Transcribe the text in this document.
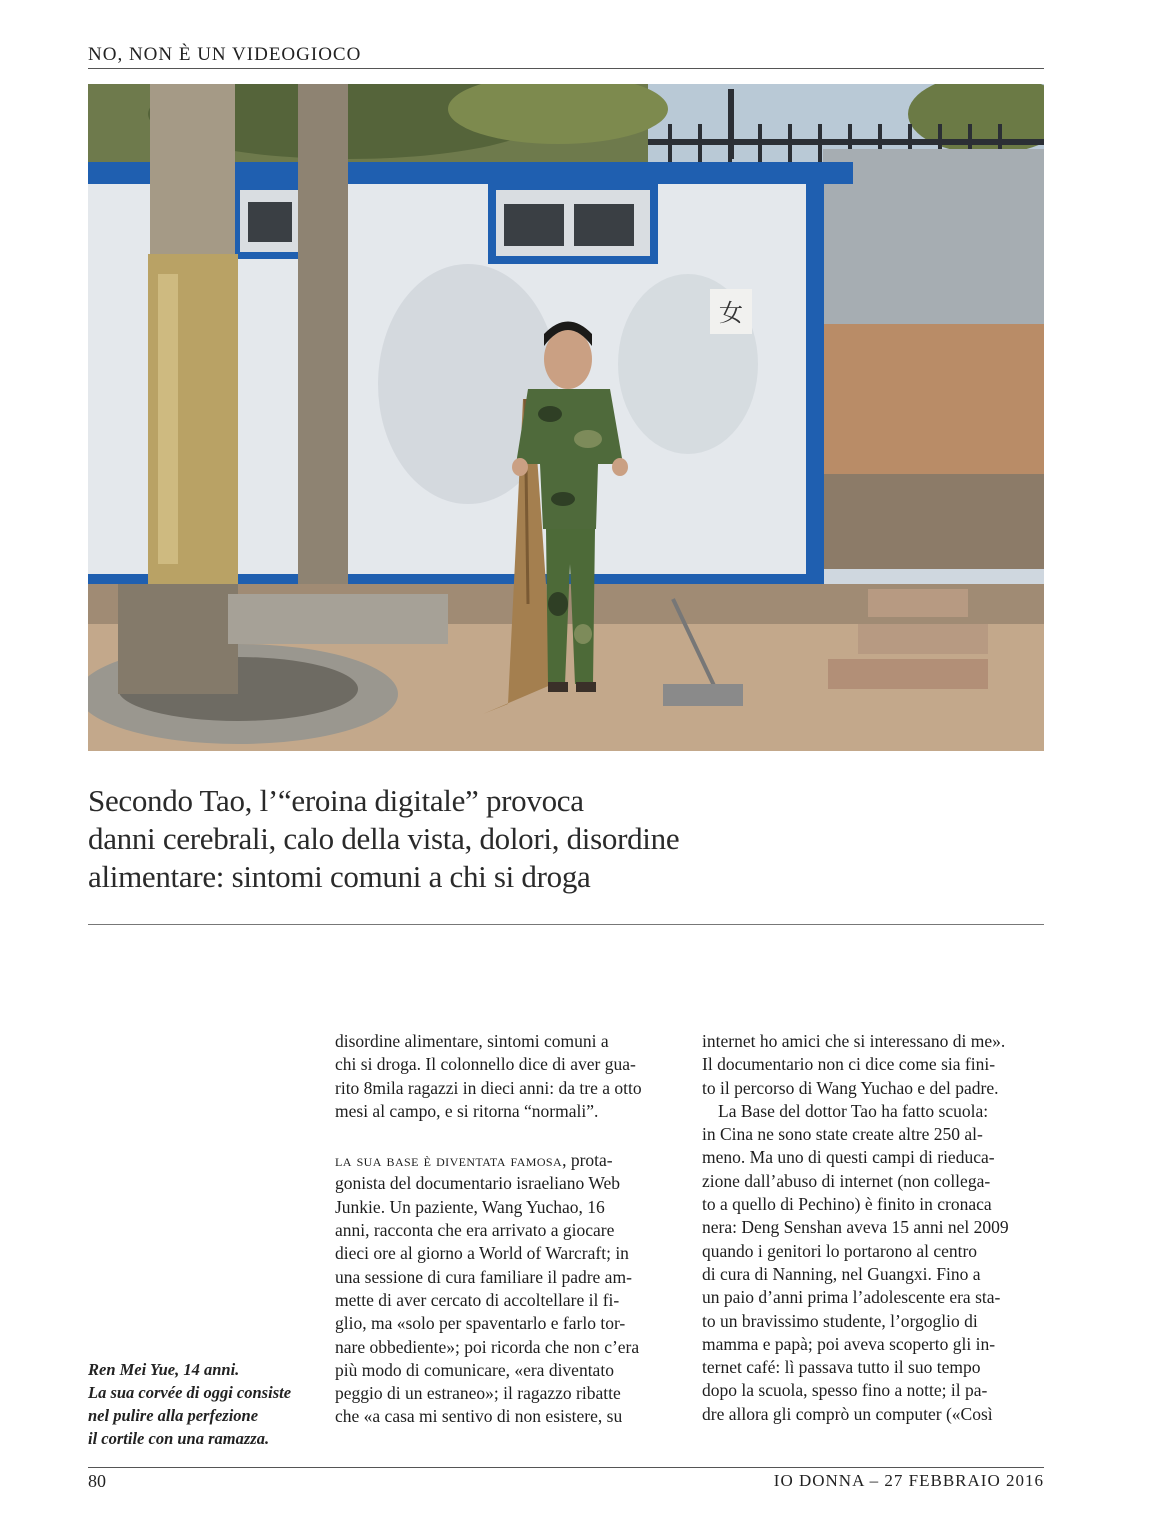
NO, NON È UN VIDEOGIOCO
女
Secondo Tao, l’“eroina digitale” provoca
danni cerebrali, calo della vista, dolori, disordine
alimentare: sintomi comuni a chi si droga
Ren Mei Yue, 14 anni.
La sua corvée di oggi consiste
nel pulire alla perfezione
il cortile con una ramazza.
disordine alimentare, sintomi comuni a
chi si droga. Il colonnello dice di aver gua-
rito 8mila ragazzi in dieci anni: da tre a otto
mesi al campo, e si ritorna “normali”.
la sua base è diventata famosa, prota-
gonista del documentario israeliano Web
Junkie. Un paziente, Wang Yuchao, 16
anni, racconta che era arrivato a giocare
dieci ore al giorno a World of Warcraft; in
una sessione di cura familiare il padre am-
mette di aver cercato di accoltellare il fi-
glio, ma «solo per spaventarlo e farlo tor-
nare obbediente»; poi ricorda che non c’era
più modo di comunicare, «era diventato
peggio di un estraneo»; il ragazzo ribatte
che «a casa mi sentivo di non esistere, su
internet ho amici che si interessano di me».
Il documentario non ci dice come sia fini-
to il percorso di Wang Yuchao e del padre.
La Base del dottor Tao ha fatto scuola:
in Cina ne sono state create altre 250 al-
meno. Ma uno di questi campi di rieduca-
zione dall’abuso di internet (non collega-
to a quello di Pechino) è finito in cronaca
nera: Deng Senshan aveva 15 anni nel 2009
quando i genitori lo portarono al centro
di cura di Nanning, nel Guangxi. Fino a
un paio d’anni prima l’adolescente era sta-
to un bravissimo studente, l’orgoglio di
mamma e papà; poi aveva scoperto gli in-
ternet café: lì passava tutto il suo tempo
dopo la scuola, spesso fino a notte; il pa-
dre allora gli comprò un computer («Così
80	IO DONNA – 27 FEBBRAIO 2016
